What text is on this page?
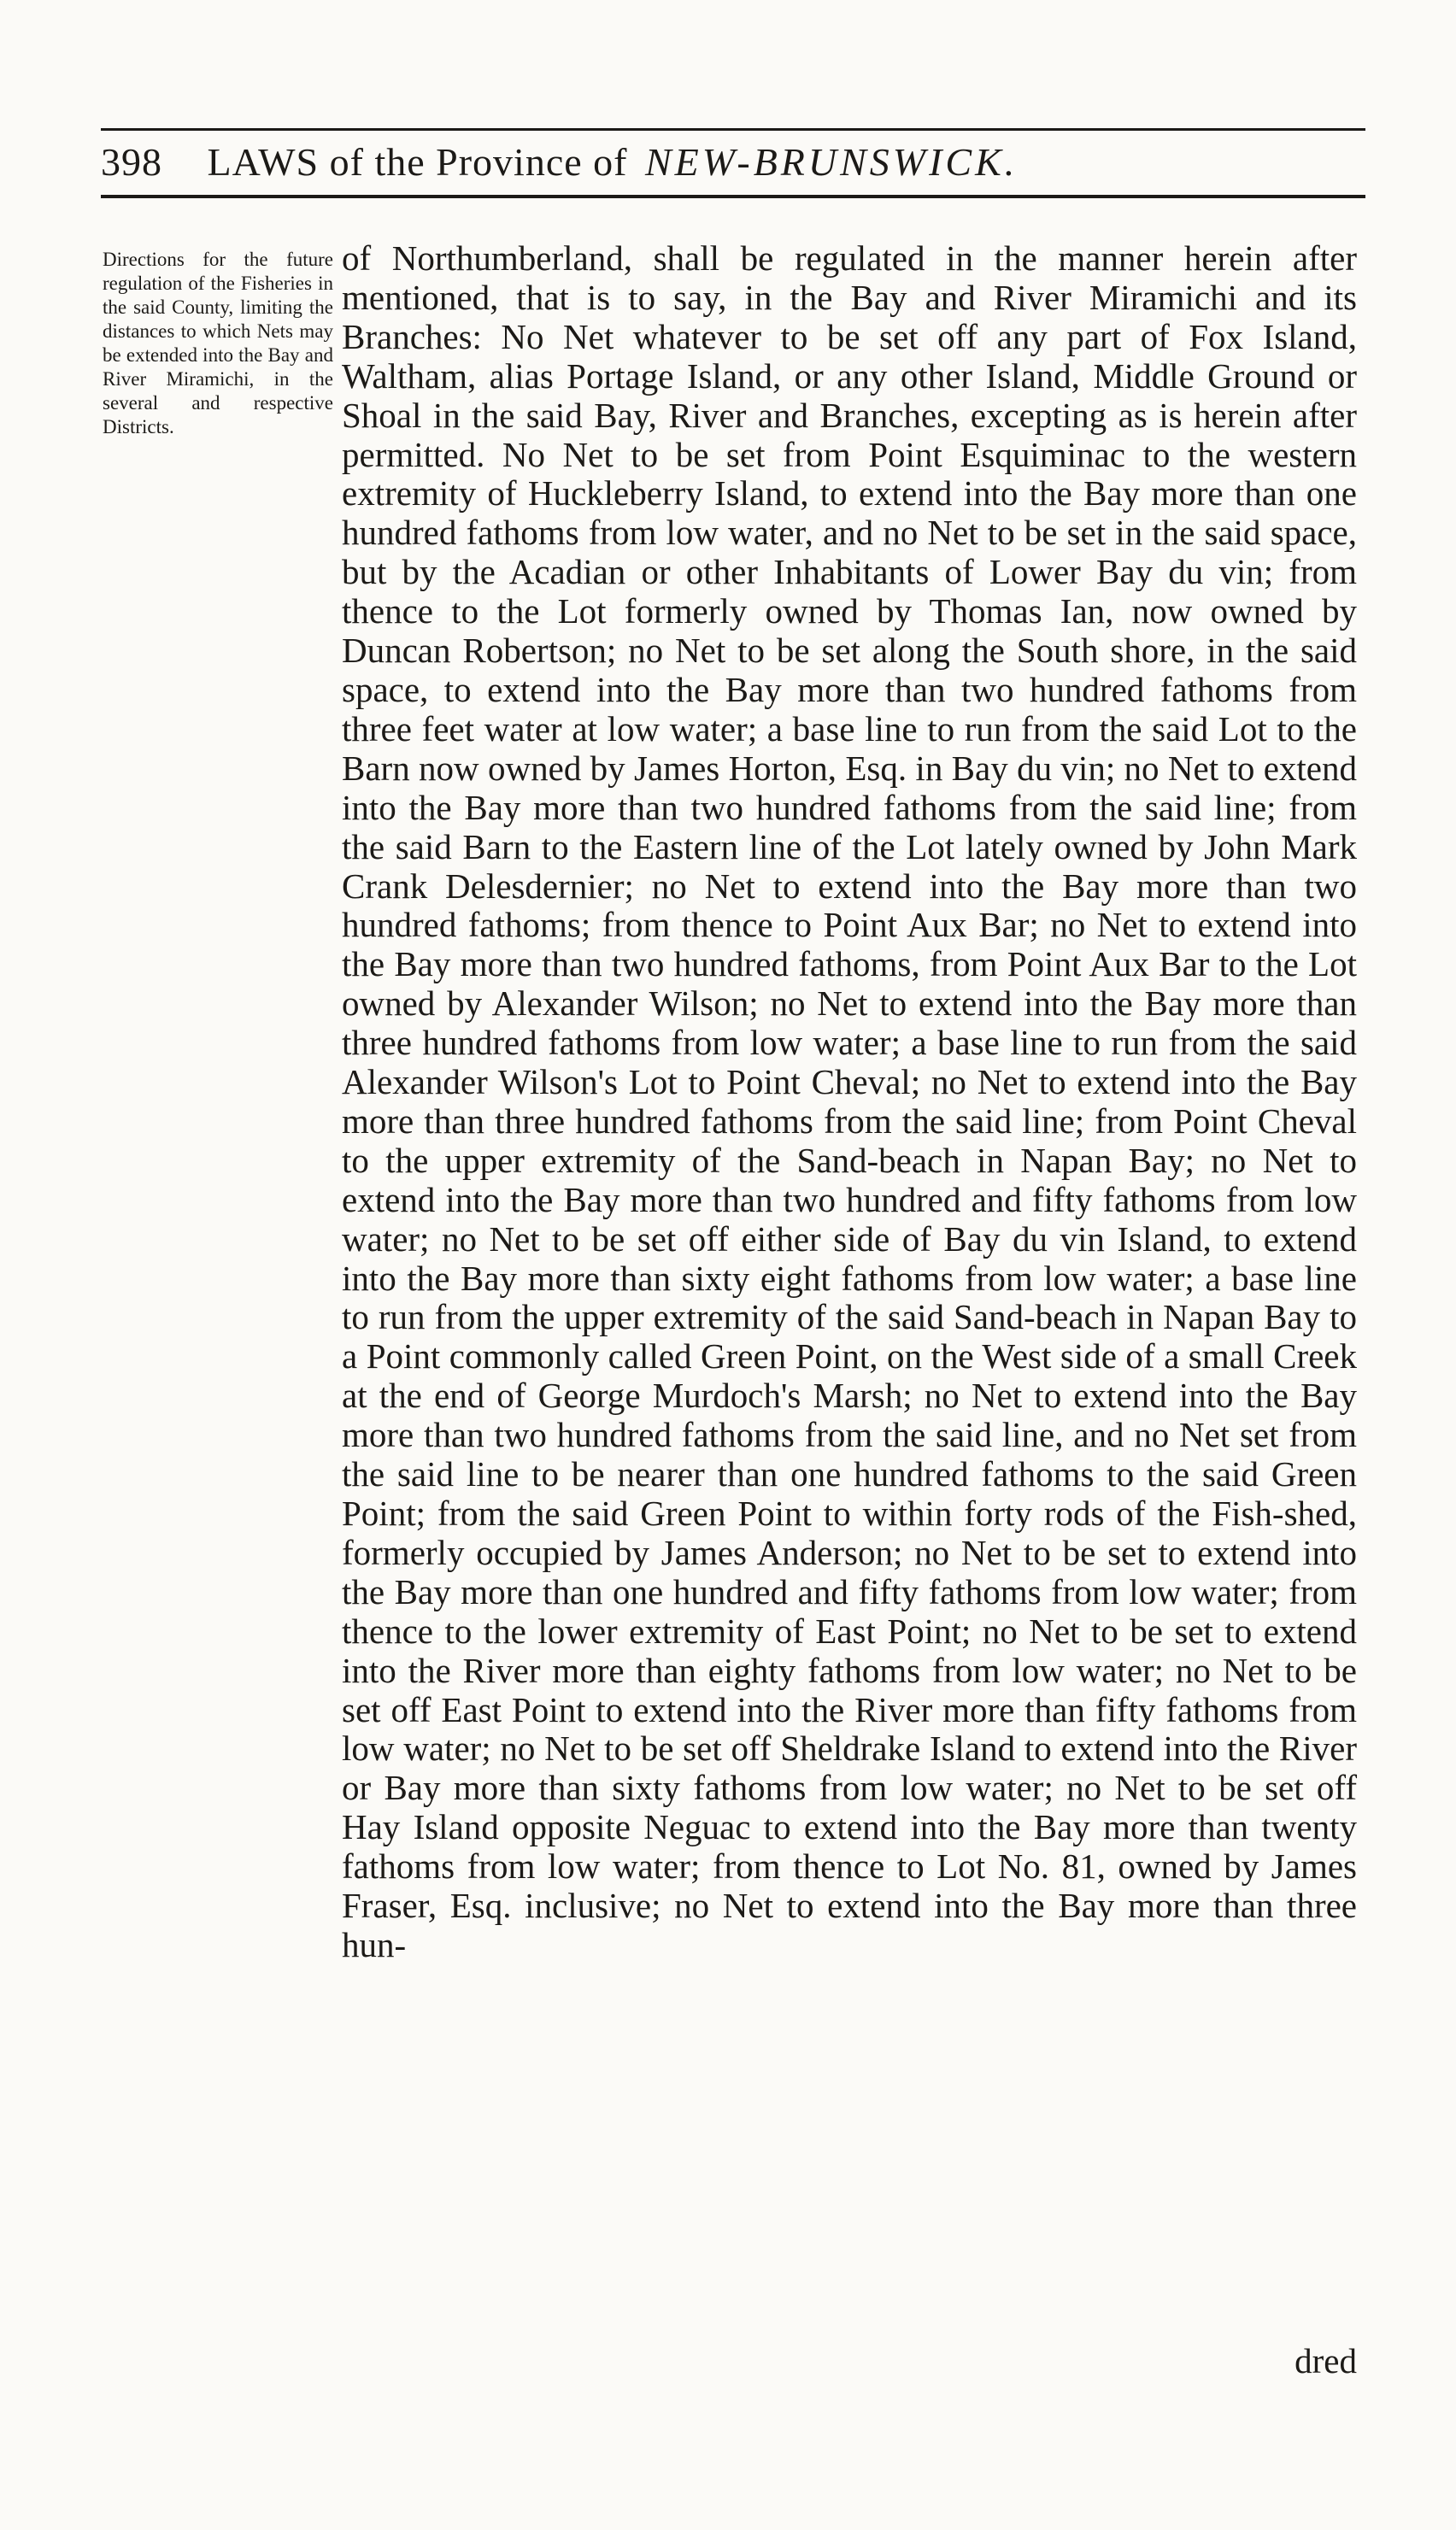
398 LAWS of the Province of NEW-BRUNSWICK.
Directions for the future regulation of the Fisheries in the said County, limiting the distances to which Nets may be extended into the Bay and River Miramichi, in the several and respective Districts.

of Northumberland, shall be regulated in the manner herein after mentioned, that is to say, in the Bay and River Miramichi and its Branches: No Net whatever to be set off any part of Fox Island, Waltham, alias Portage Island, or any other Island, Middle Ground or Shoal in the said Bay, River and Branches, excepting as is herein after permitted. No Net to be set from Point Esquiminac to the western extremity of Huckleberry Island, to extend into the Bay more than one hundred fathoms from low water, and no Net to be set in the said space, but by the Acadian or other Inhabitants of Lower Bay du vin; from thence to the Lot formerly owned by Thomas Ian, now owned by Duncan Robertson; no Net to be set along the South shore, in the said space, to extend into the Bay more than two hundred fathoms from three feet water at low water; a base line to run from the said Lot to the Barn now owned by James Horton, Esq. in Bay du vin; no Net to extend into the Bay more than two hundred fathoms from the said line; from the said Barn to the Eastern line of the Lot lately owned by John Mark Crank Delesdernier; no Net to extend into the Bay more than two hundred fathoms; from thence to Point Aux Bar; no Net to extend into the Bay more than two hundred fathoms, from Point Aux Bar to the Lot owned by Alexander Wilson; no Net to extend into the Bay more than three hundred fathoms from low water; a base line to run from the said Alexander Wilson's Lot to Point Cheval; no Net to extend into the Bay more than three hundred fathoms from the said line; from Point Cheval to the upper extremity of the Sand-beach in Napan Bay; no Net to extend into the Bay more than two hundred and fifty fathoms from low water; no Net to be set off either side of Bay du vin Island, to extend into the Bay more than sixty eight fathoms from low water; a base line to run from the upper extremity of the said Sand-beach in Napan Bay to a Point commonly called Green Point, on the West side of a small Creek at the end of George Murdoch's Marsh; no Net to extend into the Bay more than two hundred fathoms from the said line, and no Net set from the said line to be nearer than one hundred fathoms to the said Green Point; from the said Green Point to within forty rods of the Fish-shed, formerly occupied by James Anderson; no Net to be set to extend into the Bay more than one hundred and fifty fathoms from low water; from thence to the lower extremity of East Point; no Net to be set to extend into the River more than eighty fathoms from low water; no Net to be set off East Point to extend into the River more than fifty fathoms from low water; no Net to be set off Sheldrake Island to extend into the River or Bay more than sixty fathoms from low water; no Net to be set off Hay Island opposite Neguac to extend into the Bay more than twenty fathoms from low water; from thence to Lot No. 81, owned by James Fraser, Esq. inclusive; no Net to extend into the Bay more than three hun-

dred
